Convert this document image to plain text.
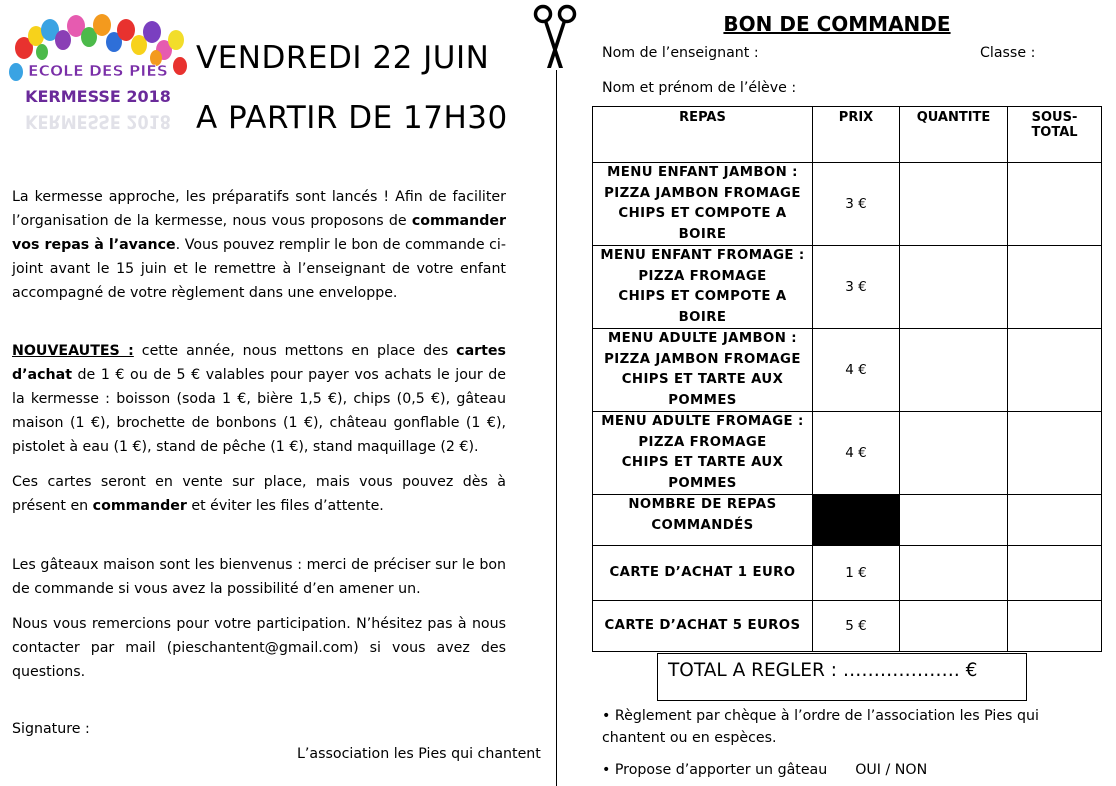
ECOLE DES PIES
KERMESSE 2018
KERMESSE 2018
VENDREDI 22 JUIN
A PARTIR DE 17H30
La kermesse approche, les préparatifs sont lancés ! Afin de faciliter l’organisation de la kermesse, nous vous proposons de commander vos repas à l’avance. Vous pouvez remplir le bon de commande ci-joint avant le 15 juin et le remettre à l’enseignant de votre enfant accompagné de votre règlement dans une enveloppe.
NOUVEAUTES : cette année, nous mettons en place des cartes d’achat de 1 € ou de 5 € valables pour payer vos achats le jour de la kermesse : boisson (soda 1 €, bière 1,5 €), chips (0,5 €), gâteau maison (1 €), brochette de bonbons (1 €), château gonflable (1 €), pistolet à eau (1 €), stand de pêche (1 €), stand maquillage (2 €).
Ces cartes seront en vente sur place, mais vous pouvez dès à présent en commander et éviter les files d’attente.
Les gâteaux maison sont les bienvenus : merci de préciser sur le bon de commande si vous avez la possibilité d’en amener un.
Nous vous remercions pour votre participation. N’hésitez pas à nous contacter par mail (pieschantent@gmail.com) si vous avez des questions.
Signature :
L’association les Pies qui chantent
BON DE COMMANDE
Nom de l’enseignant :	Classe :
Nom et prénom de l’élève :
REPAS	PRIX	QUANTITE	SOUS-
TOTAL
MENU ENFANT JAMBON :
PIZZA JAMBON FROMAGE
CHIPS ET COMPOTE A
BOIRE	3 €		
MENU ENFANT FROMAGE :
PIZZA FROMAGE
CHIPS ET COMPOTE A
BOIRE	3 €		
MENU ADULTE JAMBON :
PIZZA JAMBON FROMAGE
CHIPS ET TARTE AUX
POMMES	4 €		
MENU ADULTE FROMAGE :
PIZZA FROMAGE
CHIPS ET TARTE AUX
POMMES	4 €		
NOMBRE DE REPAS
COMMANDÉS			
CARTE D’ACHAT 1 EURO	1 €		
CARTE D’ACHAT 5 EUROS	5 €		
TOTAL A REGLER : ………………. €
• Règlement par chèque à l’ordre de l’association les Pies qui
chantent ou en espèces.
• Propose d’apporter un gâteau OUI / NON
